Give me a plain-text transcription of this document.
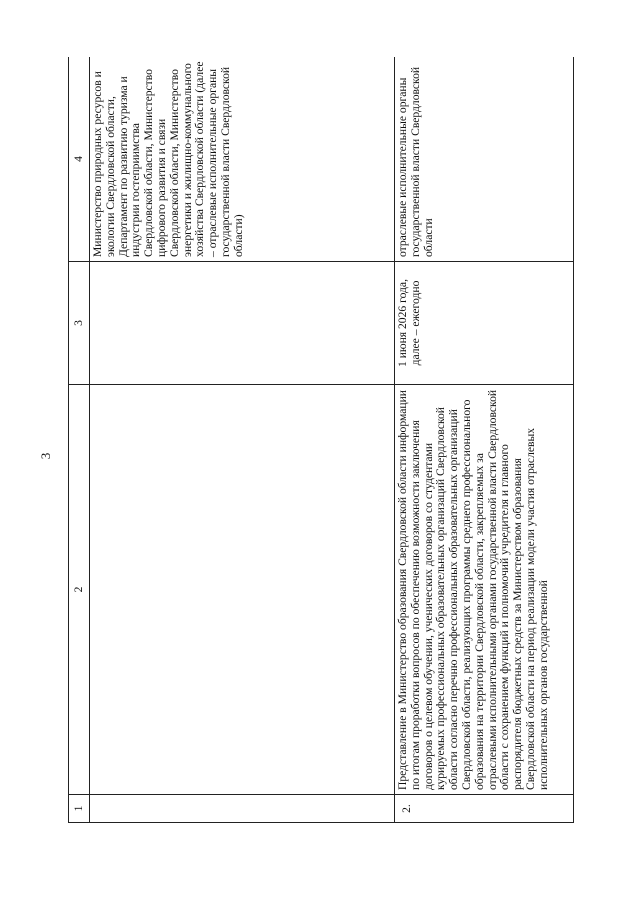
3
1	2	3	4
			Министерство природных ресурсов и экологии Свердловской области, Департамент по развитию туризма и индустрии гостеприимства Свердловской области, Министерство цифрового развития и связи Свердловской области, Министерство энергетики и жилищно-коммунального хозяйства Свердловской области (далее – отраслевые исполнительные органы государственной власти Свердловской области)
2.	Представление в Министерство образования Свердловской области информации по итогам проработки вопросов по обеспечению возможности заключения договоров о целевом обучении, ученических договоров со студентами курируемых профессиональных образовательных организаций Свердловской области согласно перечню профессиональных образовательных организаций Свердловской области, реализующих программы среднего профессионального образования на территории Свердловской области, закрепляемых за отраслевыми исполнительными органами государственной власти Свердловской области с сохранением функций и полномочий учредителя и главного распорядителя бюджетных средств за Министерством образования Свердловской области на период реализации модели участия отраслевых исполнительных органов государственной	1 июня 2026 года, далее – ежегодно	отраслевые исполнительные органы государственной власти Свердловской области
